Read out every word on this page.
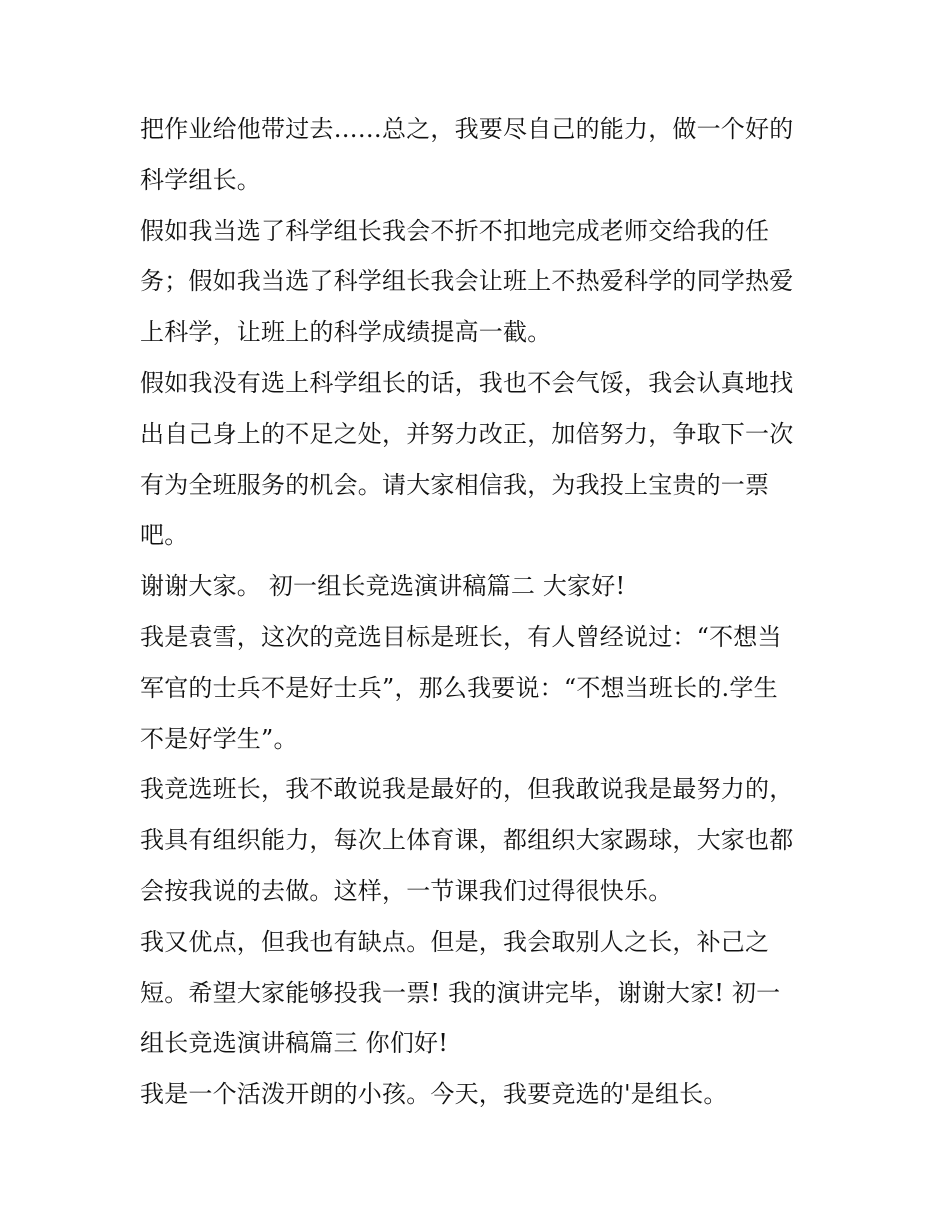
把作业给他带过去……总之，我要尽自己的能力，做一个好的
科学组长。
假如我当选了科学组长我会不折不扣地完成老师交给我的任
务；假如我当选了科学组长我会让班上不热爱科学的同学热爱
上科学，让班上的科学成绩提高一截。
假如我没有选上科学组长的话，我也不会气馁，我会认真地找
出自己身上的不足之处，并努力改正，加倍努力，争取下一次
有为全班服务的机会。请大家相信我，为我投上宝贵的一票
吧。
谢谢大家。 初一组长竞选演讲稿篇二 大家好!
我是袁雪，这次的竞选目标是班长，有人曾经说过：“不想当
军官的士兵不是好士兵”，那么我要说：“不想当班长的.学生
不是好学生”。
我竞选班长，我不敢说我是最好的，但我敢说我是最努力的，
我具有组织能力，每次上体育课，都组织大家踢球，大家也都
会按我说的去做。这样，一节课我们过得很快乐。
我又优点，但我也有缺点。但是，我会取别人之长，补己之
短。希望大家能够投我一票! 我的演讲完毕，谢谢大家! 初一
组长竞选演讲稿篇三 你们好!
我是一个活泼开朗的小孩。今天，我要竞选的'是组长。
